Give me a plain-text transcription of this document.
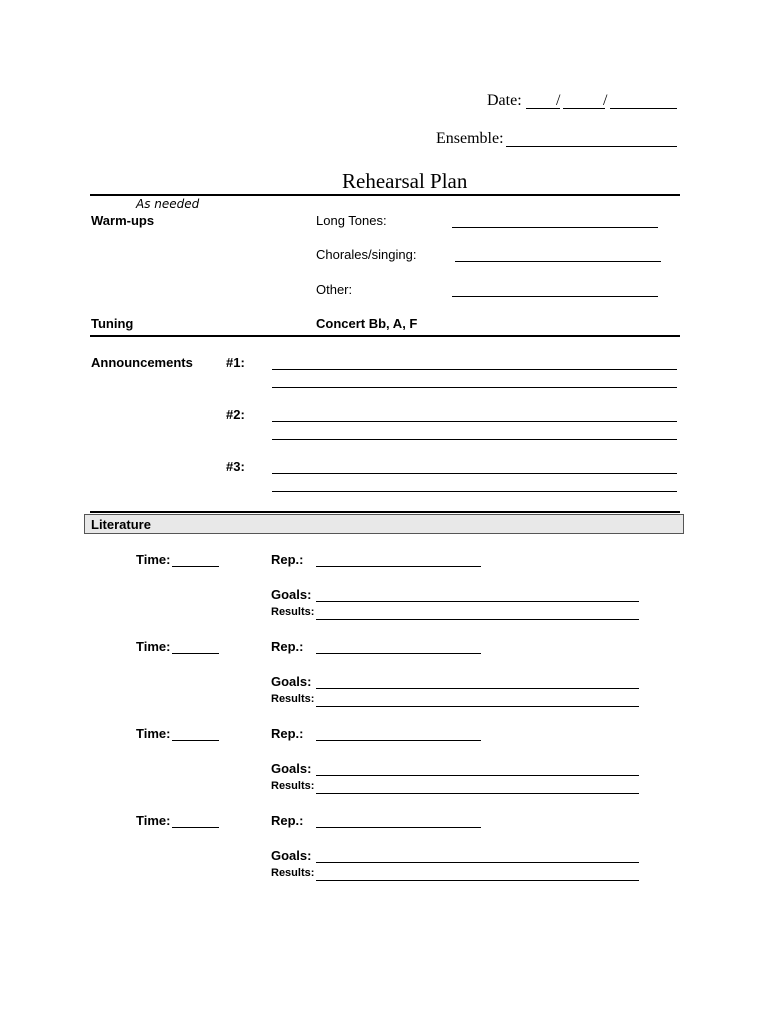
Date: /	/
Ensemble:
Rehearsal Plan
As needed
Warm-ups	Long Tones:
Chorales/singing:
Other:
Tuning	Concert Bb, A, F
Announcements	#1:
#2:
#3:
Literature
Time:	Rep.:
Goals:
Results:
Time:	Rep.:
Goals:
Results:
Time:	Rep.:
Goals:
Results:
Time:	Rep.:
Goals:
Results:
